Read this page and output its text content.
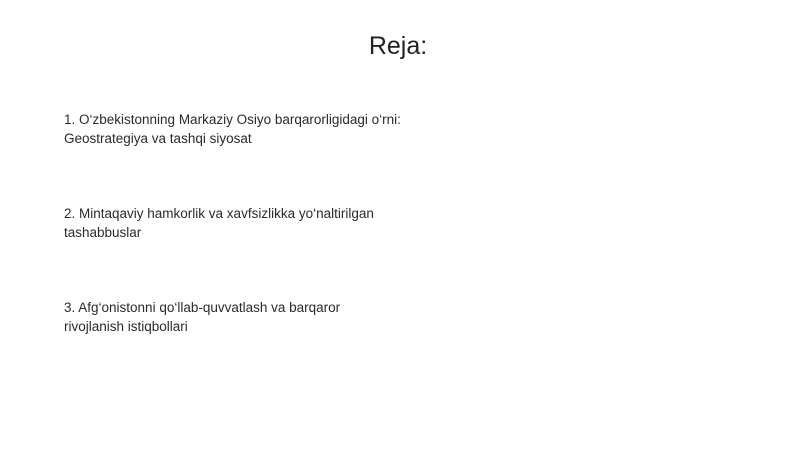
Reja:
1. O‘zbekistonning Markaziy Osiyo barqarorligidagi o‘rni:
Geostrategiya va tashqi siyosat
2. Mintaqaviy hamkorlik va xavfsizlikka yo‘naltirilgan
tashabbuslar
3. Afg‘onistonni qo‘llab-quvvatlash va barqaror
rivojlanish istiqbollari
